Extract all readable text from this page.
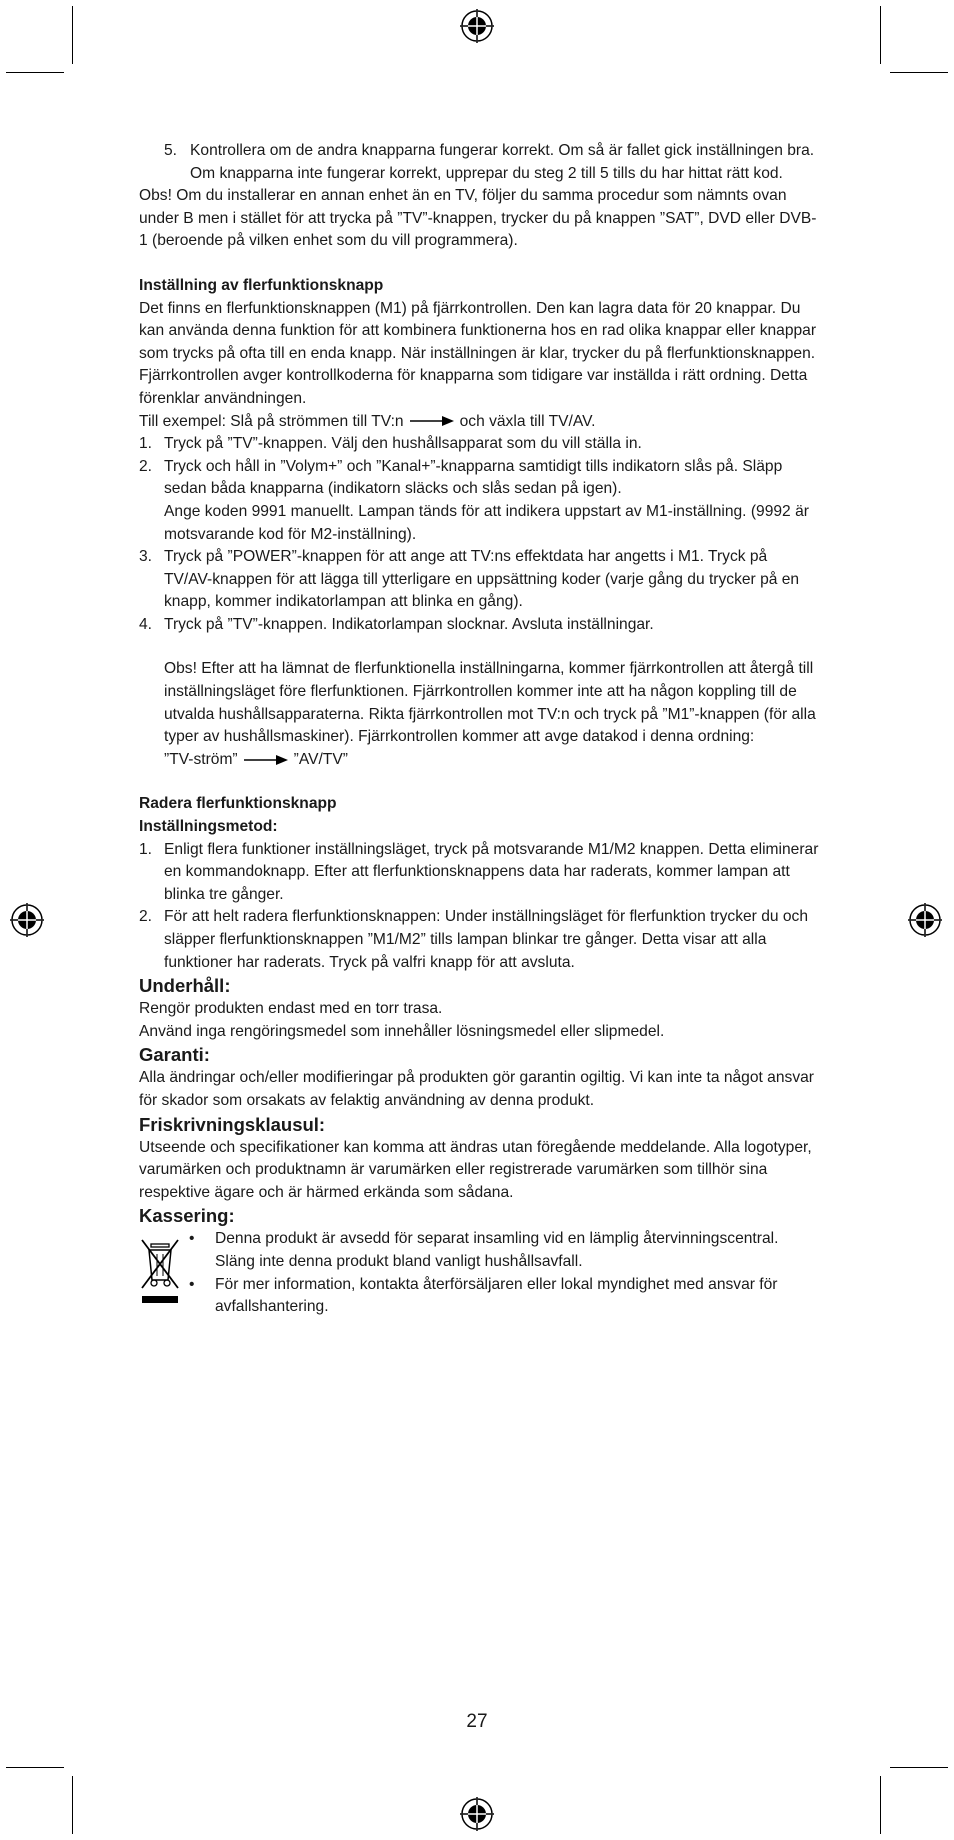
5. Kontrollera om de andra knapparna fungerar korrekt. Om så är fallet gick inställningen bra. Om knapparna inte fungerar korrekt, upprepar du steg 2 till 5 tills du har hittat rätt kod.

Obs! Om du installerar en annan enhet än en TV, följer du samma procedur som nämnts ovan under B men i stället för att trycka på ”TV”-knappen, trycker du på knappen ”SAT”, DVD eller DVB-1 (beroende på vilken enhet som du vill programmera).

Inställning av flerfunktionsknapp

Det finns en flerfunktionsknappen (M1) på fjärrkontrollen. Den kan lagra data för 20 knappar. Du kan använda denna funktion för att kombinera funktionerna hos en rad olika knappar eller knappar som trycks på ofta till en enda knapp. När inställningen är klar, trycker du på flerfunktionsknappen. Fjärrkontrollen avger kontrollkoderna för knapparna som tidigare var inställda i rätt ordning. Detta förenklar användningen.

Till exempel: Slå på strömmen till TV:n	och växla till TV/AV.

1. Tryck på ”TV”-knappen. Välj den hushållsapparat som du vill ställa in.

2. Tryck och håll in ”Volym+” och ”Kanal+”-knapparna samtidigt tills indikatorn slås på. Släpp sedan båda knapparna (indikatorn släcks och slås sedan på igen).
Ange koden 9991 manuellt. Lampan tänds för att indikera uppstart av M1-inställning. (9992 är motsvarande kod för M2-inställning).

3. Tryck på ”POWER”-knappen för att ange att TV:ns effektdata har angetts i M1. Tryck på TV/AV-knappen för att lägga till ytterligare en uppsättning koder (varje gång du trycker på en knapp, kommer indikatorlampan att blinka en gång).

4. Tryck på ”TV”-knappen. Indikatorlampan slocknar. Avsluta inställningar.

Obs! Efter att ha lämnat de flerfunktionella inställningarna, kommer fjärrkontrollen att återgå till inställningsläget före flerfunktionen. Fjärrkontrollen kommer inte att ha någon koppling till de utvalda hushållsapparaterna. Rikta fjärrkontrollen mot TV:n och tryck på ”M1”-knappen (för alla typer av hushållsmaskiner). Fjärrkontrollen kommer att avge datakod i denna ordning:

”TV-ström”	”AV/TV”

Radera flerfunktionsknapp

Inställningsmetod:

1. Enligt flera funktioner inställningsläget, tryck på motsvarande M1/M2 knappen. Detta eliminerar en kommandoknapp. Efter att flerfunktionsknappens data har raderats, kommer lampan att blinka tre gånger.

2. För att helt radera flerfunktionsknappen: Under inställningsläget för flerfunktion trycker du och släpper flerfunktionsknappen ”M1/M2” tills lampan blinkar tre gånger. Detta visar att alla funktioner har raderats. Tryck på valfri knapp för att avsluta.

Underhåll:

Rengör produkten endast med en torr trasa.

Använd inga rengöringsmedel som innehåller lösningsmedel eller slipmedel.

Garanti:

Alla ändringar och/eller modifieringar på produkten gör garantin ogiltig. Vi kan inte ta något ansvar för skador som orsakats av felaktig användning av denna produkt.

Friskrivningsklausul:

Utseende och specifikationer kan komma att ändras utan föregående meddelande. Alla logotyper, varumärken och produktnamn är varumärken eller registrerade varumärken som tillhör sina respektive ägare och är härmed erkända som sådana.

Kassering:

• Denna produkt är avsedd för separat insamling vid en lämplig återvinningscentral. Släng inte denna produkt bland vanligt hushållsavfall.

• För mer information, kontakta återförsäljaren eller lokal myndighet med ansvar för avfallshantering.

27
